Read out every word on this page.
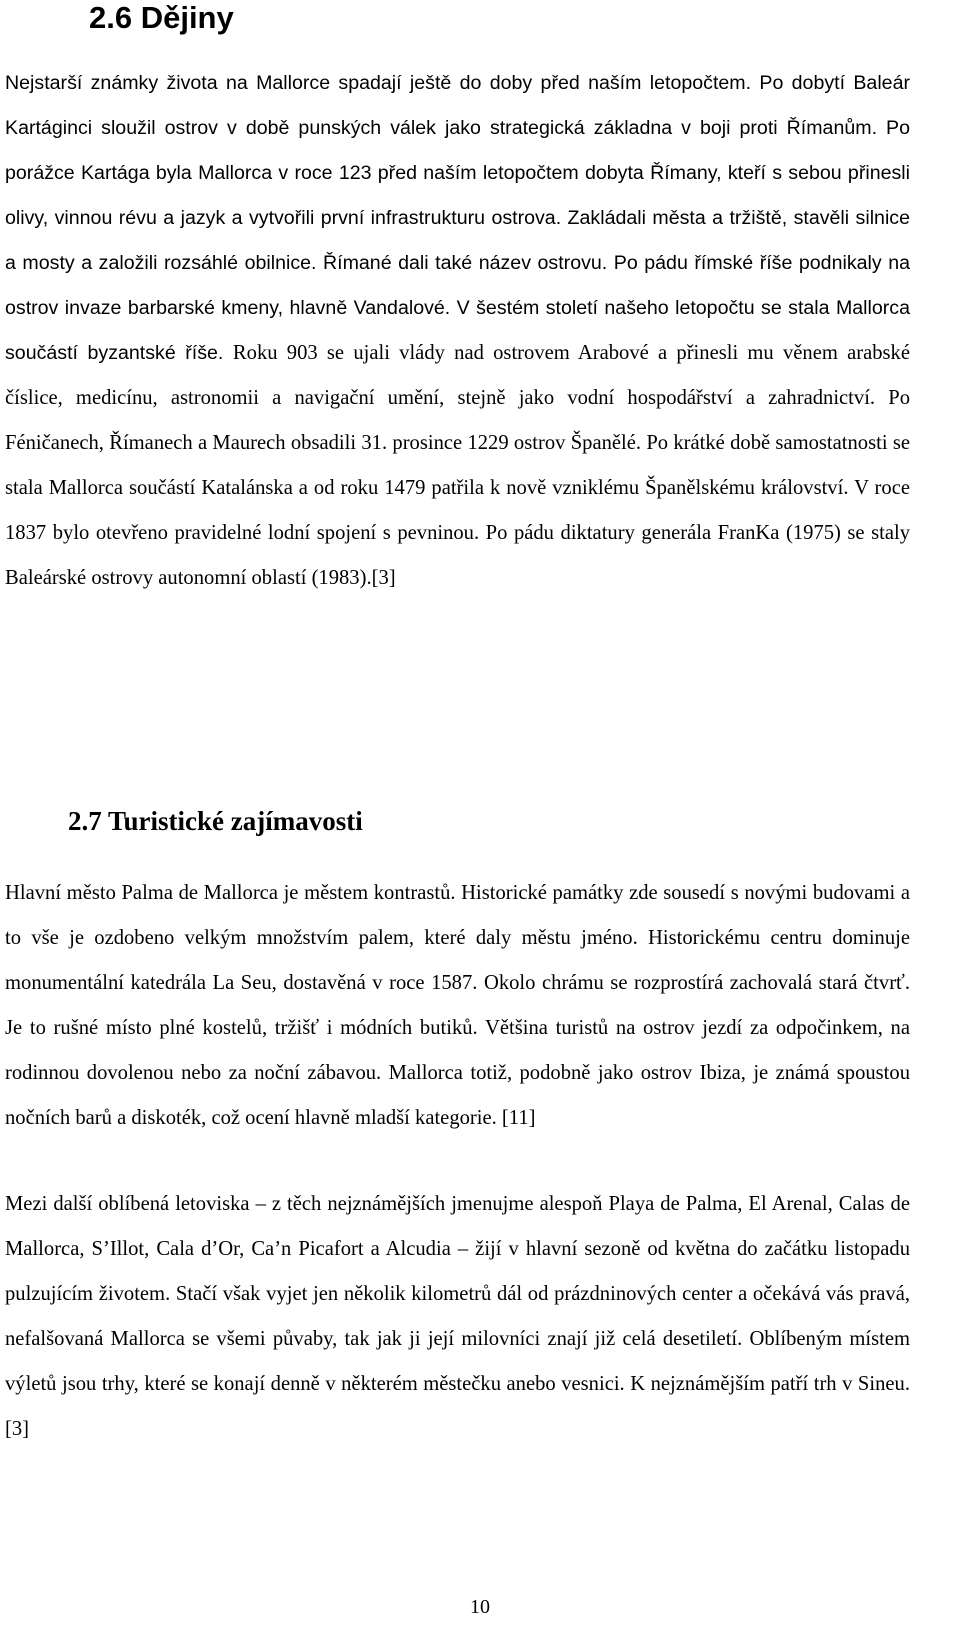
2.6 Dějiny

Nejstarší známky života na Mallorce spadají ještě do doby před naším letopočtem. Po dobytí Baleár Kartáginci sloužil ostrov v době punských válek jako strategická základna v boji proti Římanům. Po porážce Kartága byla Mallorca v roce 123 před naším letopočtem dobyta Římany, kteří s sebou přinesli olivy, vinnou révu a jazyk a vytvořili první infrastrukturu ostrova. Zakládali města a tržiště, stavěli silnice a mosty a založili rozsáhlé obilnice. Římané dali také název ostrovu. Po pádu římské říše podnikaly na ostrov invaze barbarské kmeny, hlavně Vandalové. V šestém století našeho letopočtu se stala Mallorca součástí byzantské říše. Roku 903 se ujali vlády nad ostrovem Arabové a přinesli mu věnem arabské číslice, medicínu, astronomii a navigační umění, stejně jako vodní hospodářství a zahradnictví. Po Féničanech, Římanech a Maurech obsadili 31. prosince 1229 ostrov Španělé. Po krátké době samostatnosti se stala Mallorca součástí Katalánska a od roku 1479 patřila k nově vzniklému Španělskému království. V roce 1837 bylo otevřeno pravidelné lodní spojení s pevninou. Po pádu diktatury generála FranKa (1975) se staly Baleárské ostrovy autonomní oblastí (1983).[3]

2.7 Turistické zajímavosti

Hlavní město Palma de Mallorca je městem kontrastů. Historické památky zde sousedí s novými budovami a to vše je ozdobeno velkým množstvím palem, které daly městu jméno. Historickému centru dominuje monumentální katedrála La Seu, dostavěná v roce 1587. Okolo chrámu se rozprostírá zachovalá stará čtvrť. Je to rušné místo plné kostelů, tržišť i módních butiků. Většina turistů na ostrov jezdí za odpočinkem, na rodinnou dovolenou nebo za noční zábavou. Mallorca totiž, podobně jako ostrov Ibiza, je známá spoustou nočních barů a diskoték, což ocení hlavně mladší kategorie. [11]

Mezi další oblíbená letoviska – z těch nejznámějších jmenujme alespoň Playa de Palma, El Arenal, Calas de Mallorca, S’Illot, Cala d’Or, Ca’n Picafort a Alcudia – žijí v hlavní sezoně od května do začátku listopadu pulzujícím životem. Stačí však vyjet jen několik kilometrů dál od prázdninových center a očekává vás pravá, nefalšovaná Mallorca se všemi půvaby, tak jak ji její milovníci znají již celá desetiletí. Oblíbeným místem výletů jsou trhy, které se konají denně v některém městečku anebo vesnici. K nejznámějším patří trh v Sineu. [3]

10
